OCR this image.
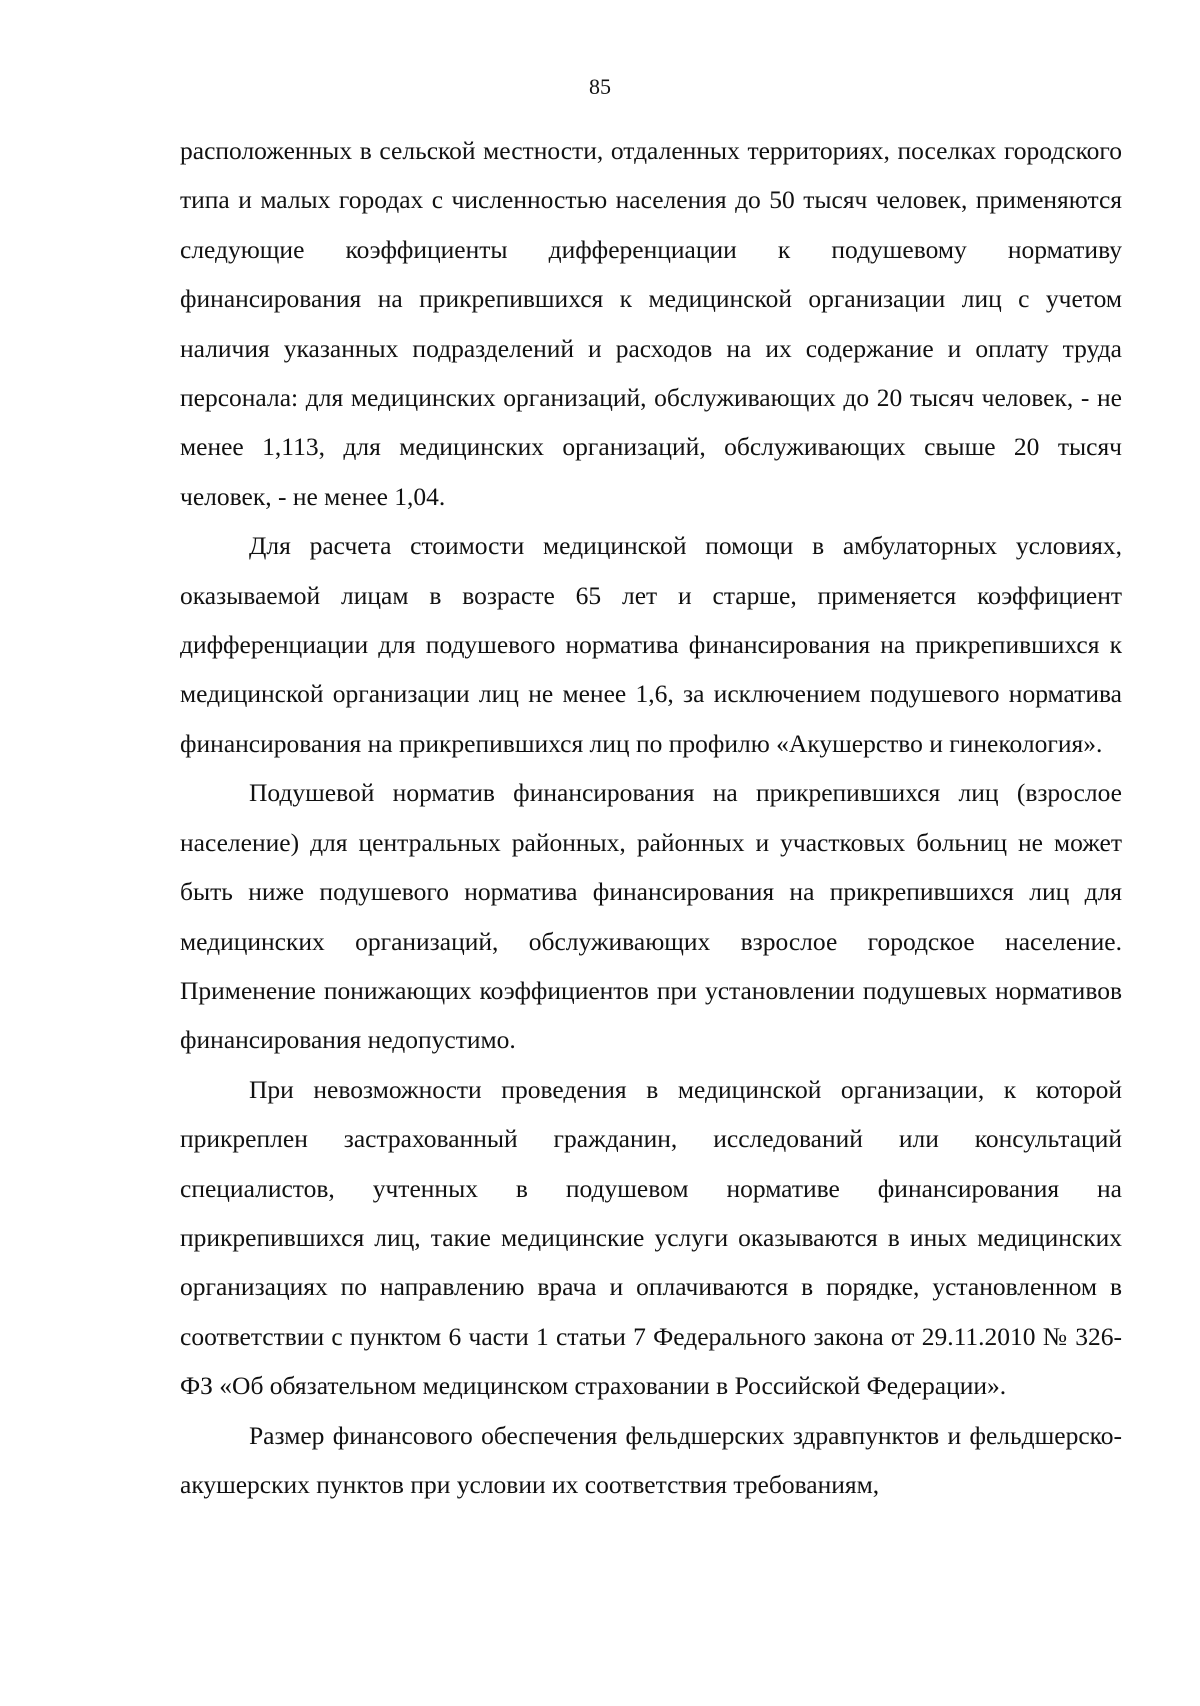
85

расположенных в сельской местности, отдаленных территориях, поселках городского типа и малых городах с численностью населения до 50 тысяч человек, применяются следующие коэффициенты дифференциации к подушевому нормативу финансирования на прикрепившихся к медицинской организации лиц с учетом наличия указанных подразделений и расходов на их содержание и оплату труда персонала: для медицинских организаций, обслуживающих до 20 тысяч человек, - не менее 1,113, для медицинских организаций, обслуживающих свыше 20 тысяч человек, - не менее 1,04.

Для расчета стоимости медицинской помощи в амбулаторных условиях, оказываемой лицам в возрасте 65 лет и старше, применяется коэффициент дифференциации для подушевого норматива финансирования на прикрепившихся к медицинской организации лиц не менее 1,6, за исключением подушевого норматива финансирования на прикрепившихся лиц по профилю «Акушерство и гинекология».

Подушевой норматив финансирования на прикрепившихся лиц (взрослое население) для центральных районных, районных и участковых больниц не может быть ниже подушевого норматива финансирования на прикрепившихся лиц для медицинских организаций, обслуживающих взрослое городское население. Применение понижающих коэффициентов при установлении подушевых нормативов финансирования недопустимо.

При невозможности проведения в медицинской организации, к которой прикреплен застрахованный гражданин, исследований или консультаций специалистов, учтенных в подушевом нормативе финансирования на прикрепившихся лиц, такие медицинские услуги оказываются в иных медицинских организациях по направлению врача и оплачиваются в порядке, установленном в соответствии с пунктом 6 части 1 статьи 7 Федерального закона от 29.11.2010 № 326-ФЗ «Об обязательном медицинском страховании в Российской Федерации».

Размер финансового обеспечения фельдшерских здравпунктов и фельдшерско-акушерских пунктов при условии их соответствия требованиям,
